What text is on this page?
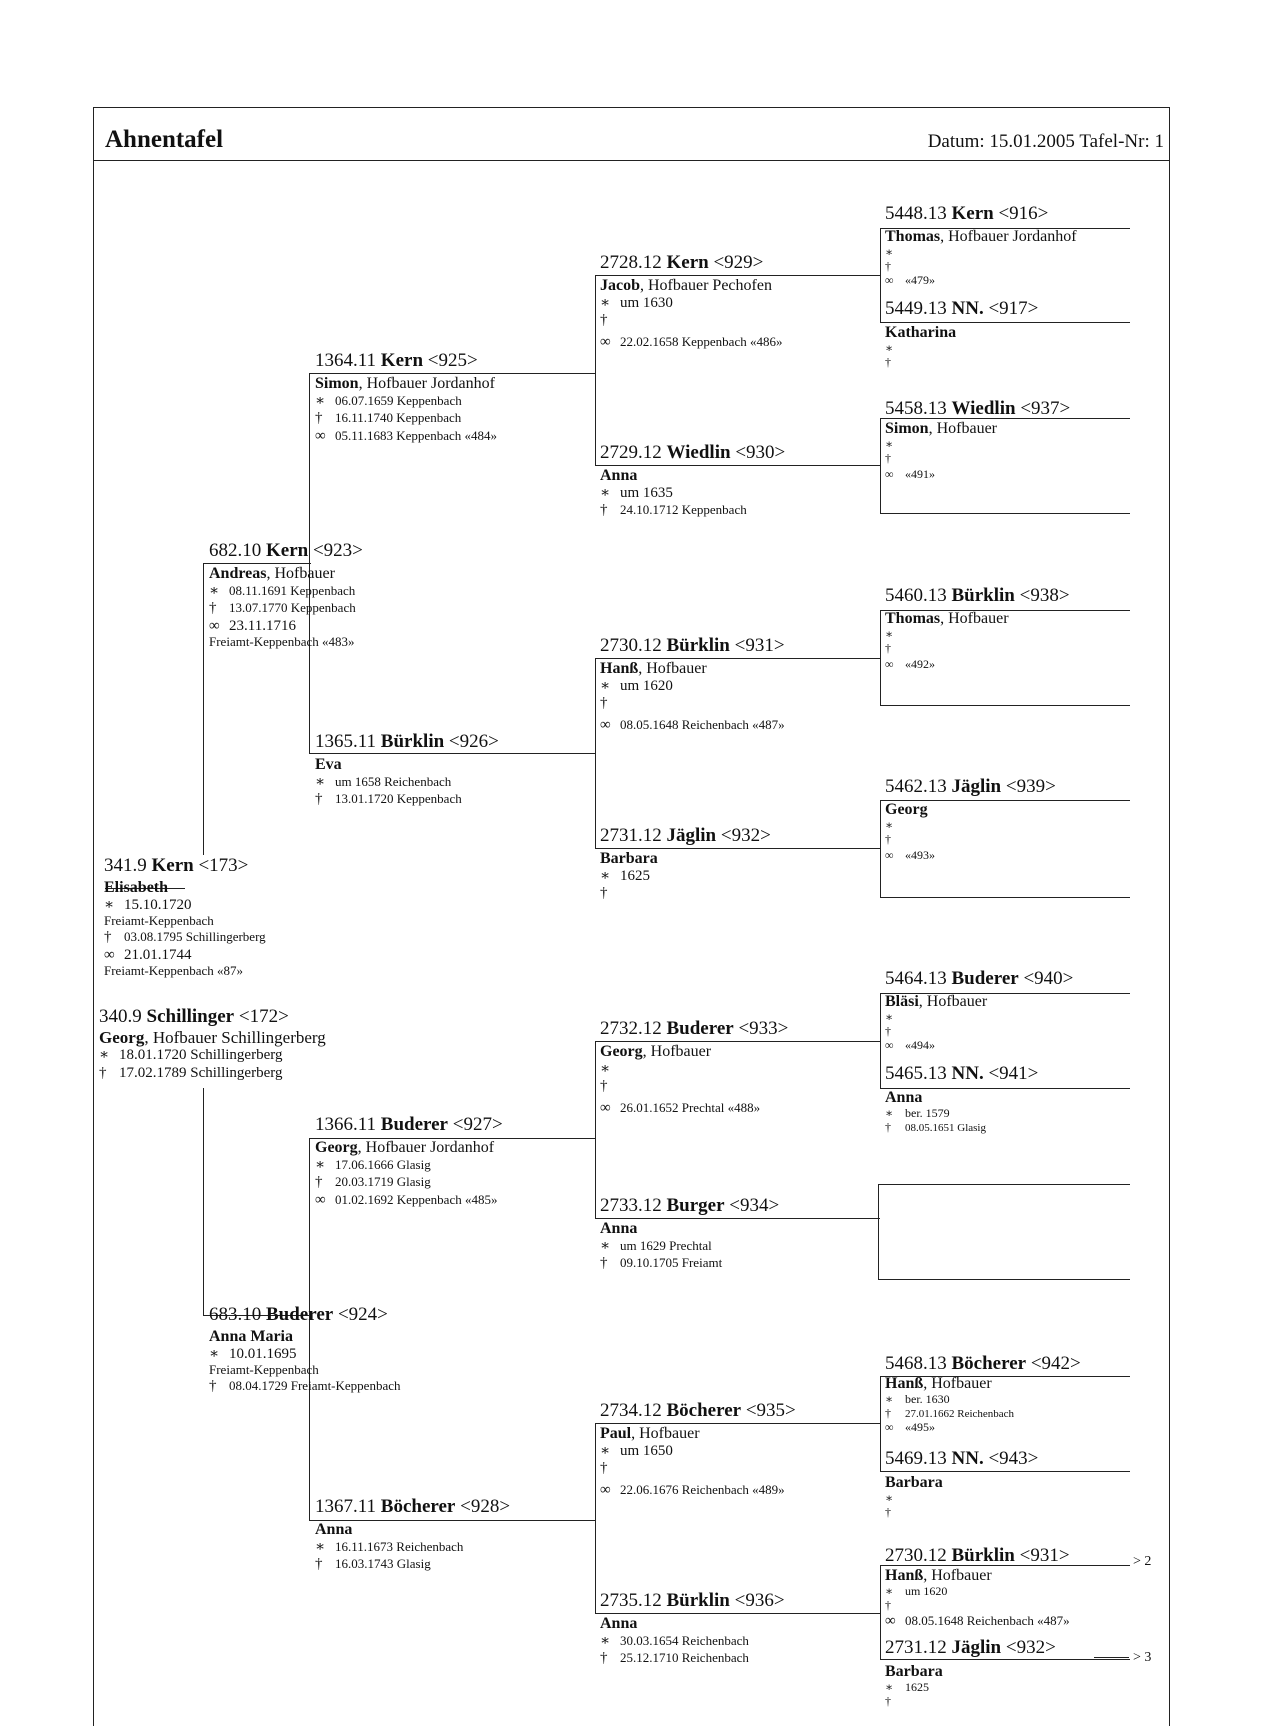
Ahnentafel	Datum: 15.01.2005 Tafel-Nr: 1
341.9 Kern <173>
Elisabeth
∗ 15.10.1720
Freiamt-Keppenbach
† 03.08.1795 Schillingerberg
∞ 21.01.1744
Freiamt-Keppenbach «87»
340.9 Schillinger <172>
Georg, Hofbauer Schillingerberg
∗ 18.01.1720 Schillingerberg
† 17.02.1789 Schillingerberg
682.10 Kern <923>
Andreas, Hofbauer
∗ 08.11.1691 Keppenbach
† 13.07.1770 Keppenbach
∞ 23.11.1716
Freiamt-Keppenbach «483»
683.10 Buderer <924>
Anna Maria
∗ 10.01.1695
Freiamt-Keppenbach
† 08.04.1729 Freiamt-Keppenbach
1364.11 Kern <925>
Simon, Hofbauer Jordanhof
∗ 06.07.1659 Keppenbach
† 16.11.1740 Keppenbach
∞ 05.11.1683 Keppenbach «484»
1365.11 Bürklin <926>
Eva
∗ um 1658 Reichenbach
† 13.01.1720 Keppenbach
1366.11 Buderer <927>
Georg, Hofbauer Jordanhof
∗ 17.06.1666 Glasig
† 20.03.1719 Glasig
∞ 01.02.1692 Keppenbach «485»
1367.11 Böcherer <928>
Anna
∗ 16.11.1673 Reichenbach
† 16.03.1743 Glasig
2728.12 Kern <929>
Jacob, Hofbauer Pechofen
∗ um 1630
†
∞ 22.02.1658 Keppenbach «486»
2729.12 Wiedlin <930>
Anna
∗ um 1635
† 24.10.1712 Keppenbach
2730.12 Bürklin <931>
Hanß, Hofbauer
∗ um 1620
†
∞ 08.05.1648 Reichenbach «487»
2731.12 Jäglin <932>
Barbara
∗ 1625
†
2732.12 Buderer <933>
Georg, Hofbauer
∗
†
∞ 26.01.1652 Prechtal «488»
2733.12 Burger <934>
Anna
∗ um 1629 Prechtal
† 09.10.1705 Freiamt
2734.12 Böcherer <935>
Paul, Hofbauer
∗ um 1650
†
∞ 22.06.1676 Reichenbach «489»
2735.12 Bürklin <936>
Anna
∗ 30.03.1654 Reichenbach
† 25.12.1710 Reichenbach
5448.13 Kern <916>
Thomas, Hofbauer Jordanhof
∗
†
∞ «479»
5449.13 NN. <917>
Katharina
∗
†
5458.13 Wiedlin <937>
Simon, Hofbauer
∗
†
∞ «491»
5460.13 Bürklin <938>
Thomas, Hofbauer
∗
†
∞ «492»
5462.13 Jäglin <939>
Georg
∗
†
∞ «493»
5464.13 Buderer <940>
Bläsi, Hofbauer
∗
†
∞ «494»
5465.13 NN. <941>
Anna
∗ ber. 1579
† 08.05.1651 Glasig
5468.13 Böcherer <942>
Hanß, Hofbauer
∗ ber. 1630
† 27.01.1662 Reichenbach
∞ «495»
5469.13 NN. <943>
Barbara
∗
†
2730.12 Bürklin <931>
Hanß, Hofbauer
∗ um 1620
†
∞ 08.05.1648 Reichenbach «487»
2731.12 Jäglin <932>
Barbara
∗ 1625
†
> 2
> 3
